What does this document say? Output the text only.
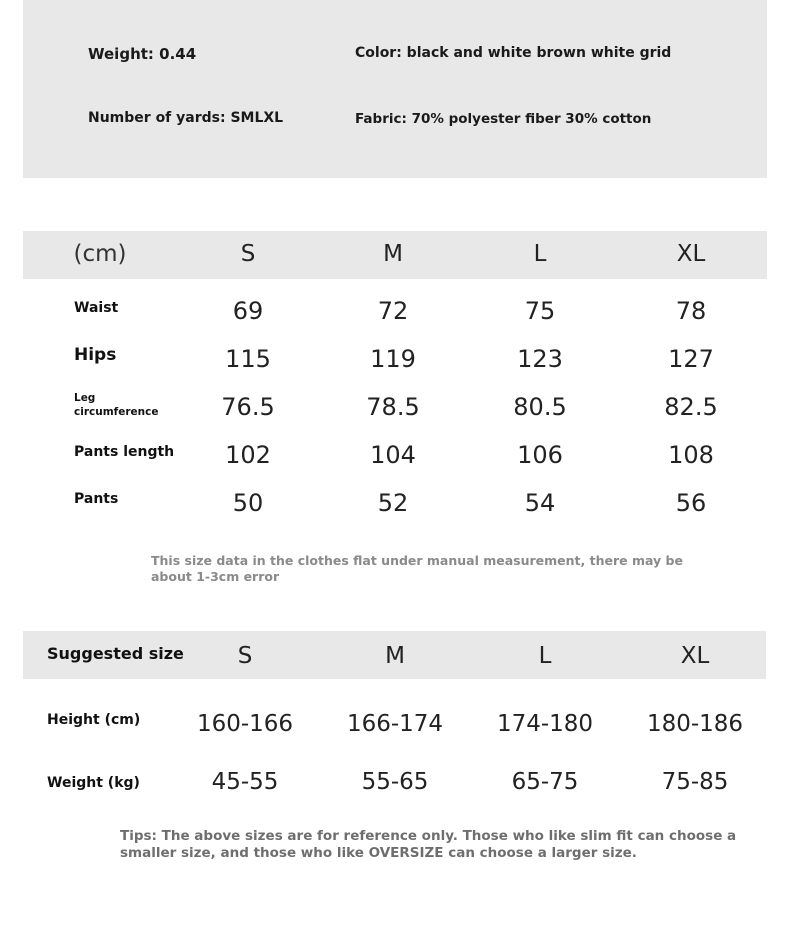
Weight: 0.44	Color: black and white brown white grid
Number of yards: SMLXL	Fabric: 70% polyester fiber 30% cotton
(cm)	S	M	L	XL
Waist	69	72	75	78
Hips	115	119	123	127
Leg
circumference	76.5	78.5	80.5	82.5
Pants length	102	104	106	108
Pants	50	52	54	56
This size data in the clothes flat under manual measurement, there may be
about 1-3cm error
Suggested size	S	M	L	XL
Height (cm)	160-166	166-174	174-180	180-186
Weight (kg)	45-55	55-65	65-75	75-85
Tips: The above sizes are for reference only. Those who like slim fit can choose a
smaller size, and those who like OVERSIZE can choose a larger size.
